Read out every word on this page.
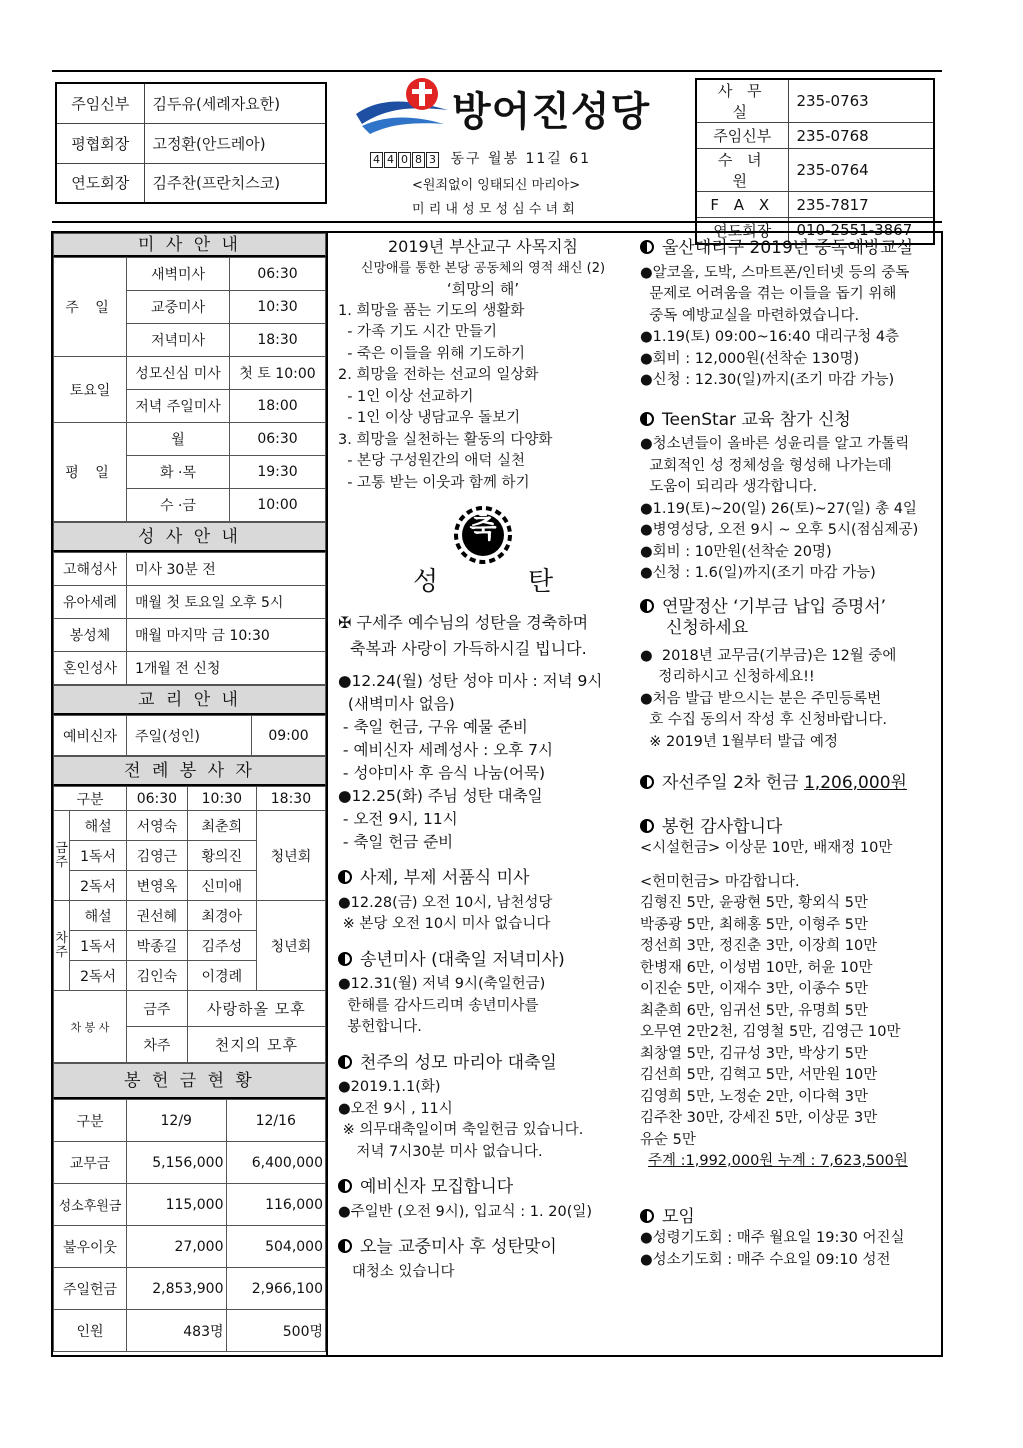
주임신부	김두유(세례자요한)
평협회장	고정환(안드레아)
연도회장	김주찬(프란치스코)
방어진성당
4 4 0 8 3 동구 월봉 11길 61
<원죄없이 잉태되신 마리아>
미 리 내 성 모 성 심 수 녀 회
사 무 실	235-0763
주임신부	235-0768
수 녀 원	235-0764
F A X	235-7817
연도회장	010-2551-3867
미 사 안 내
주 일	새벽미사	06:30
	교중미사	10:30
	저녁미사	18:30
토요일	성모신심 미사	첫 토 10:00
	저녁 주일미사	18:00
평 일	월	06:30
	화 ·목	19:30
	수 ·금	10:00
성 사 안 내
고해성사	미사 30분 전
유아세례	매월 첫 토요일 오후 5시
봉성체	매월 마지막 금 10:30
혼인성사	1개월 전 신청
교 리 안 내
예비신자	주일(성인)	09:00
전 례 봉 사 자
구분		06:30	10:30	18:30
금주	해설	서영숙	최춘희	청년회
	1독서	김영근	황의진	
	2독서	변영옥	신미애	
차주	해설	권선혜	최경아	청년회
	1독서	박종길	김주성	
	2독서	김인숙	이경례	
차 봉 사		금주	사랑하올 모후	
		차주	천지의 모후	
봉 헌 금 현 황
구분	12/9	12/16
교무금	5,156,000	6,400,000
성소후원금	115,000	116,000
불우이웃	27,000	504,000
주일헌금	2,853,900	2,966,100
인원	483명	500명
2019년 부산교구 사목지침
신망애를 통한 본당 공동체의 영적 쇄신 (2)
‘희망의 해’
1. 희망을 품는 기도의 생활화
- 가족 기도 시간 만들기
- 죽은 이들을 위해 기도하기
2. 희망을 전하는 선교의 일상화
- 1인 이상 선교하기
- 1인 이상 냉담교우 돌보기
3. 희망을 실천하는 활동의 다양화
- 본당 구성원간의 애덕 실천
- 고통 받는 이웃과 함께 하기
축
성	탄
✠ 구세주 예수님의 성탄을 경축하며
축복과 사랑이 가득하시길 빕니다.
●12.24(월) 성탄 성야 미사 : 저녁 9시
(새벽미사 없음)
- 축일 헌금, 구유 예물 준비
- 예비신자 세례성사 : 오후 7시
- 성야미사 후 음식 나눔(어묵)
●12.25(화) 주님 성탄 대축일
- 오전 9시, 11시
- 축일 헌금 준비
사제, 부제 서품식 미사
●12.28(금) 오전 10시, 남천성당
※ 본당 오전 10시 미사 없습니다
송년미사 (대축일 저녁미사)
●12.31(월) 저녁 9시(축일헌금)
한해를 감사드리며 송년미사를
봉헌합니다.
천주의 성모 마리아 대축일
●2019.1.1(화)
●오전 9시 , 11시
※ 의무대축일이며 축일헌금 있습니다.
저녁 7시30분 미사 없습니다.
예비신자 모집합니다
●주일반 (오전 9시), 입교식 : 1. 20(일)
오늘 교중미사 후 성탄맞이
대청소 있습니다
울산대리구 2019년 중독예방교실
●알코올, 도박, 스마트폰/인터넷 등의 중독
문제로 어려움을 겪는 이들을 돕기 위해
중독 예방교실을 마련하였습니다.
●1.19(토) 09:00~16:40 대리구청 4층
●회비 : 12,000원(선착순 130명)
●신청 : 12.30(일)까지(조기 마감 가능)
TeenStar 교육 참가 신청
●청소년들이 올바른 성윤리를 알고 가톨릭
교회적인 성 정체성을 형성해 나가는데
도움이 되리라 생각합니다.
●1.19(토)~20(일) 26(토)~27(일) 총 4일
●병영성당, 오전 9시 ~ 오후 5시(점심제공)
●회비 : 10만원(선착순 20명)
●신청 : 1.6(일)까지(조기 마감 가능)
연말정산 ‘기부금 납입 증명서’
신청하세요
●  2018년 교무금(기부금)은 12월 중에
정리하시고 신청하세요!!
●처음 발급 받으시는 분은 주민등록번
호 수집 동의서 작성 후 신청바랍니다.
※ 2019년 1월부터 발급 예정
자선주일 2차 헌금 1,206,000원
봉헌 감사합니다
<시설헌금> 이상문 10만, 배재정 10만
<헌미헌금> 마감합니다.
김형진 5만, 윤광현 5만, 황외식 5만
박종광 5만, 최해홍 5만, 이형주 5만
정선희 3만, 정진춘 3만, 이장희 10만
한병재 6만, 이성범 10만, 허윤 10만
이진순 5만, 이재수 3만, 이종수 5만
최춘희 6만, 임귀선 5만, 유명희 5만
오무연 2만2천, 김영철 5만, 김영근 10만
최창열 5만, 김규성 3만, 박상기 5만
김선희 5만, 김혁고 5만, 서만원 10만
김영희 5만, 노정순 2만, 이다혁 3만
김주찬 30만, 강세진 5만, 이상문 3만
유순 5만
주계 :1,992,000원 누계 : 7,623,500원
모임
●성령기도회 : 매주 월요일 19:30 어진실
●성소기도회 : 매주 수요일 09:10 성전
